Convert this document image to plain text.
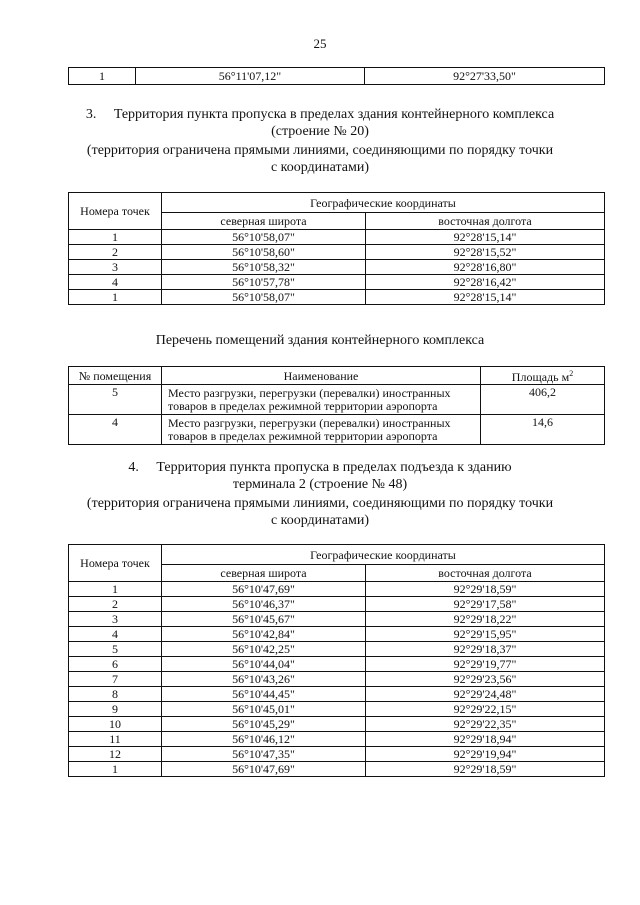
25
1	56°11'07,12"	92°27'33,50"
3.     Территория пункта пропуска в пределах здания контейнерного комплекса
(строение № 20)
(территория ограничена прямыми линиями, соединяющими по порядку точки
с координатами)
Номера точек	Географические координаты	
	северная широта	восточная долгота
1	56°10'58,07"	92°28'15,14"
2	56°10'58,60"	92°28'15,52"
3	56°10'58,32"	92°28'16,80"
4	56°10'57,78"	92°28'16,42"
1	56°10'58,07"	92°28'15,14"
Перечень помещений здания контейнерного комплекса
№ помещения	Наименование	Площадь $м^2$
5	Место разгрузки, перегрузки (перевалки) иностранных
товаров в пределах режимной территории аэропорта	406,2
4	Место разгрузки, перегрузки (перевалки) иностранных
товаров в пределах режимной территории аэропорта	14,6
4.     Территория пункта пропуска в пределах подъезда к зданию
терминала 2 (строение № 48)
(территория ограничена прямыми линиями, соединяющими по порядку точки
с координатами)
Номера точек	Географические координаты	
	северная широта	восточная долгота
1	56°10'47,69"	92°29'18,59"
2	56°10'46,37"	92°29'17,58"
3	56°10'45,67"	92°29'18,22"
4	56°10'42,84"	92°29'15,95"
5	56°10'42,25"	92°29'18,37"
6	56°10'44,04"	92°29'19,77"
7	56°10'43,26"	92°29'23,56"
8	56°10'44,45"	92°29'24,48"
9	56°10'45,01"	92°29'22,15"
10	56°10'45,29"	92°29'22,35"
11	56°10'46,12"	92°29'18,94"
12	56°10'47,35"	92°29'19,94"
1	56°10'47,69"	92°29'18,59"
